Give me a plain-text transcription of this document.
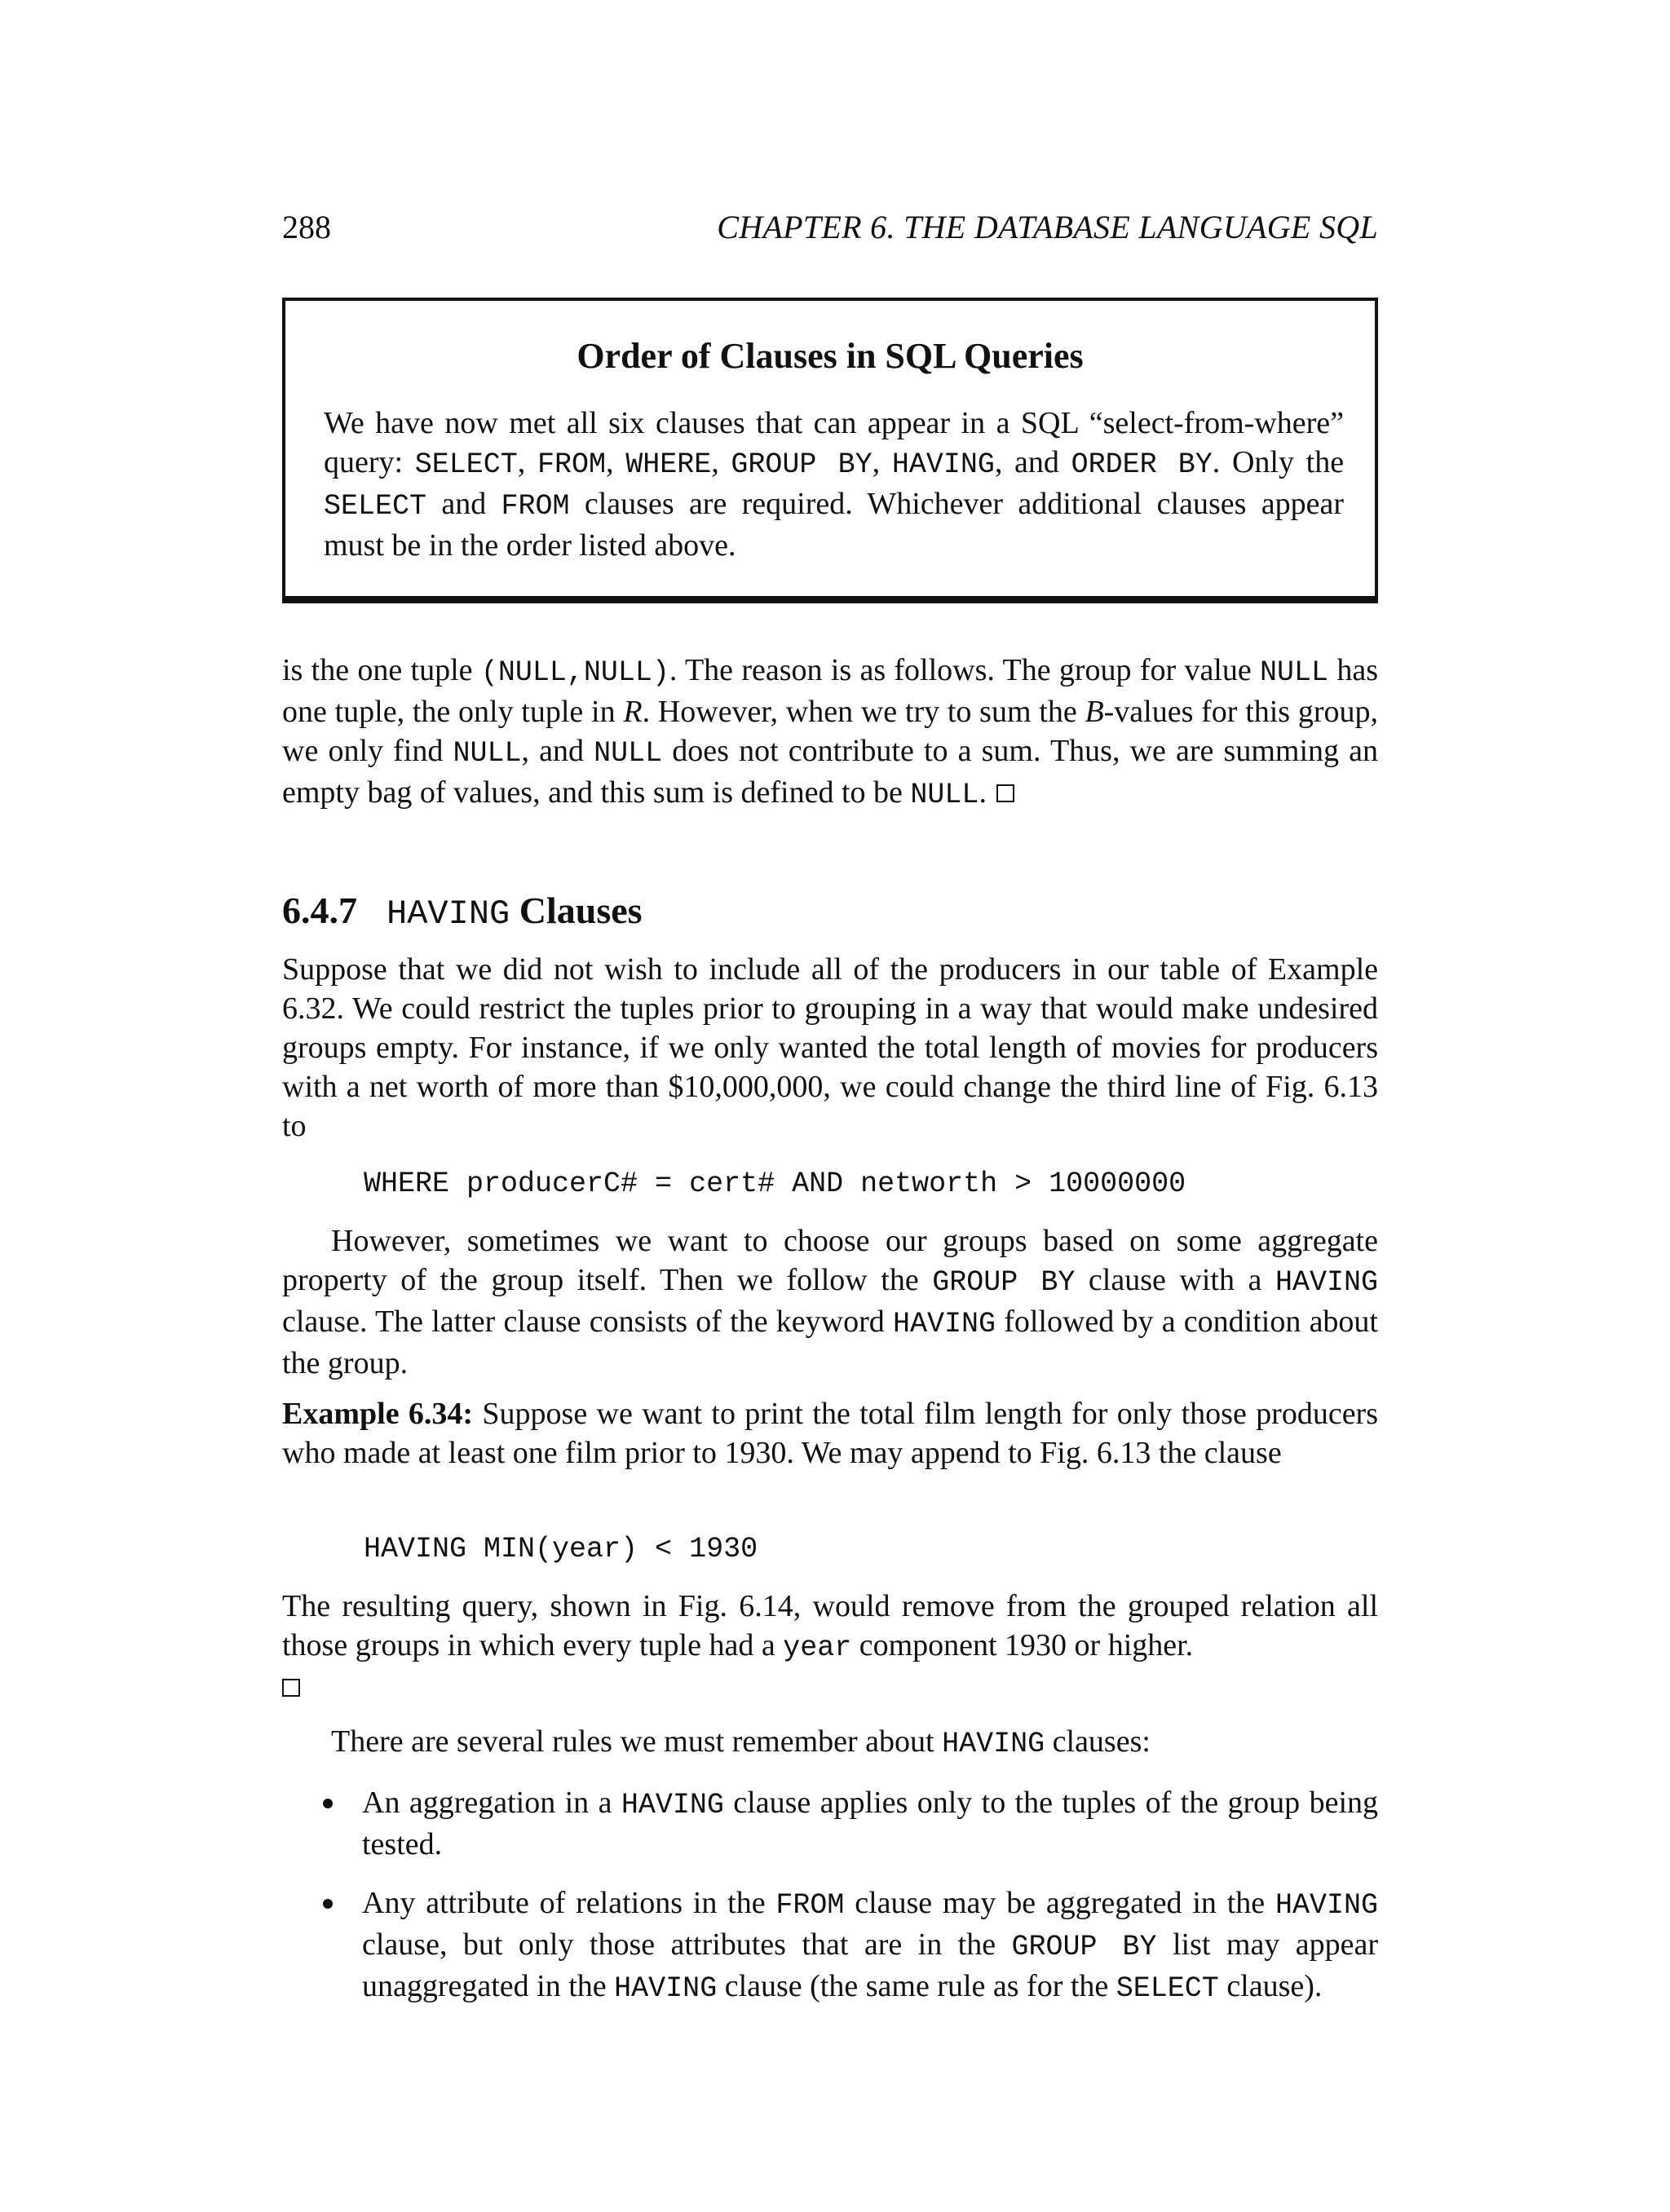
288	CHAPTER 6. THE DATABASE LANGUAGE SQL
Order of Clauses in SQL Queries
We have now met all six clauses that can appear in a SQL “select-from-where” query: SELECT, FROM, WHERE, GROUP BY, HAVING, and ORDER BY. Only the SELECT and FROM clauses are required. Whichever additional clauses appear must be in the order listed above.
is the one tuple (NULL,NULL). The reason is as follows. The group for value NULL has one tuple, the only tuple in R. However, when we try to sum the B-values for this group, we only find NULL, and NULL does not contribute to a sum. Thus, we are summing an empty bag of values, and this sum is defined to be NULL.
6.4.7 HAVING Clauses
Suppose that we did not wish to include all of the producers in our table of Example 6.32. We could restrict the tuples prior to grouping in a way that would make undesired groups empty. For instance, if we only wanted the total length of movies for producers with a net worth of more than $10,000,000, we could change the third line of Fig. 6.13 to
WHERE producerC# = cert# AND networth > 10000000
However, sometimes we want to choose our groups based on some aggregate property of the group itself. Then we follow the GROUP BY clause with a HAVING clause. The latter clause consists of the keyword HAVING followed by a condition about the group.
Example 6.34: Suppose we want to print the total film length for only those producers who made at least one film prior to 1930. We may append to Fig. 6.13 the clause
HAVING MIN(year) < 1930
The resulting query, shown in Fig. 6.14, would remove from the grouped relation all those groups in which every tuple had a year component 1930 or higher.

There are several rules we must remember about HAVING clauses:
An aggregation in a HAVING clause applies only to the tuples of the group being tested.
Any attribute of relations in the FROM clause may be aggregated in the HAVING clause, but only those attributes that are in the GROUP BY list may appear unaggregated in the HAVING clause (the same rule as for the SELECT clause).
